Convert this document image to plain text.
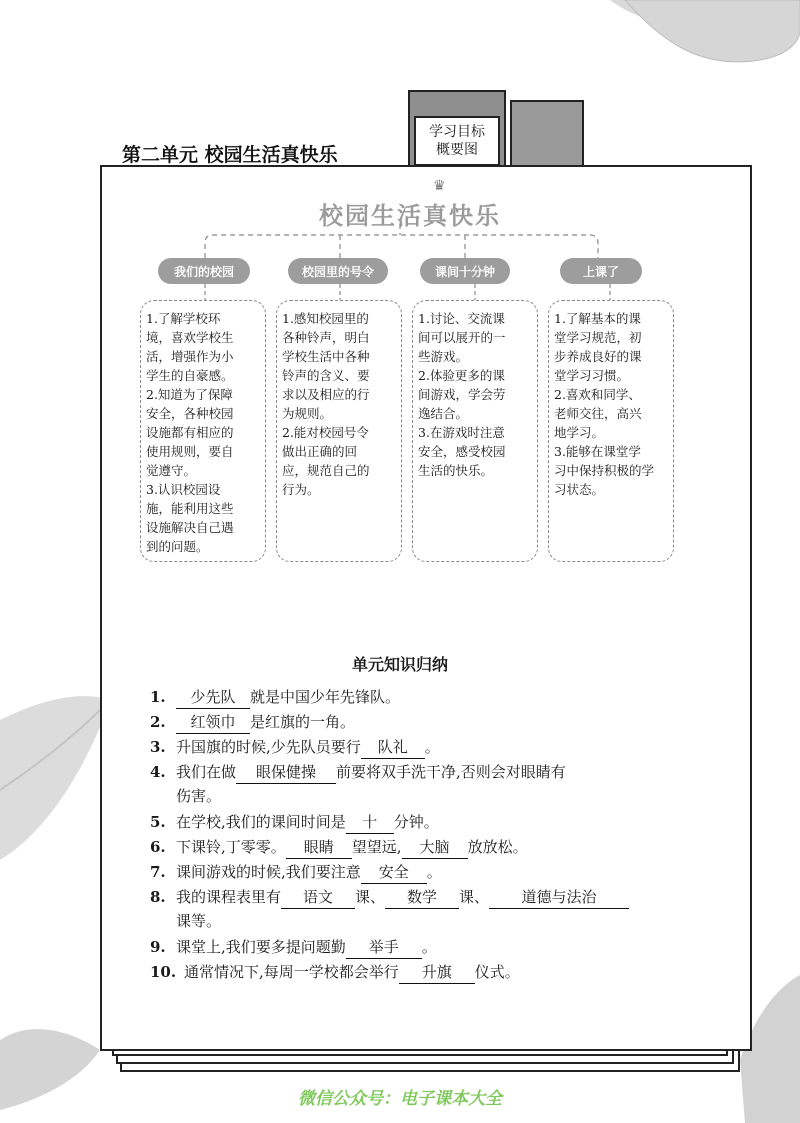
学习目标
概要图
第二单元 校园生活真快乐
♛
校园生活真快乐
我们的校园	校园里的号令	课间十分钟	上课了
1.了解学校环
境，喜欢学校生
活，增强作为小
学生的自豪感。
2.知道为了保障
安全，各种校园
设施都有相应的
使用规则，要自
觉遵守。
3.认识校园设
施，能利用这些
设施解决自己遇
到的问题。
1.感知校园里的
各种铃声，明白
学校生活中各种
铃声的含义、要
求以及相应的行
为规则。
2.能对校园号令
做出正确的回
应，规范自己的
行为。
1.讨论、交流课
间可以展开的一
些游戏。
2.体验更多的课
间游戏，学会劳
逸结合。
3.在游戏时注意
安全，感受校园
生活的快乐。
1.了解基本的课
堂学习规范，初
步养成良好的课
堂学习习惯。
2.喜欢和同学、
老师交往，高兴
地学习。
3.能够在课堂学
习中保持积极的学
习状态。
单元知识归纳
1.	少先队 就是中国少年先锋队。
2.	红领巾 是红旗的一角。
3. 升国旗的时候,少先队员要行 队礼 。
4. 我们在做 眼保健操 前要将双手洗干净,否则会对眼睛有
伤害。
5. 在学校,我们的课间时间是 十 分钟。
6. 下课铃,丁零零。 眼睛 望望远, 大脑 放放松。
7. 课间游戏的时候,我们要注意 安全 。
8. 我的课程表里有 语文 课、 数学 课、 道德与法治
课等。
9. 课堂上,我们要多提问题勤 举手 。
10. 通常情况下,每周一学校都会举行 升旗 仪式。
微信公众号：电子课本大全
